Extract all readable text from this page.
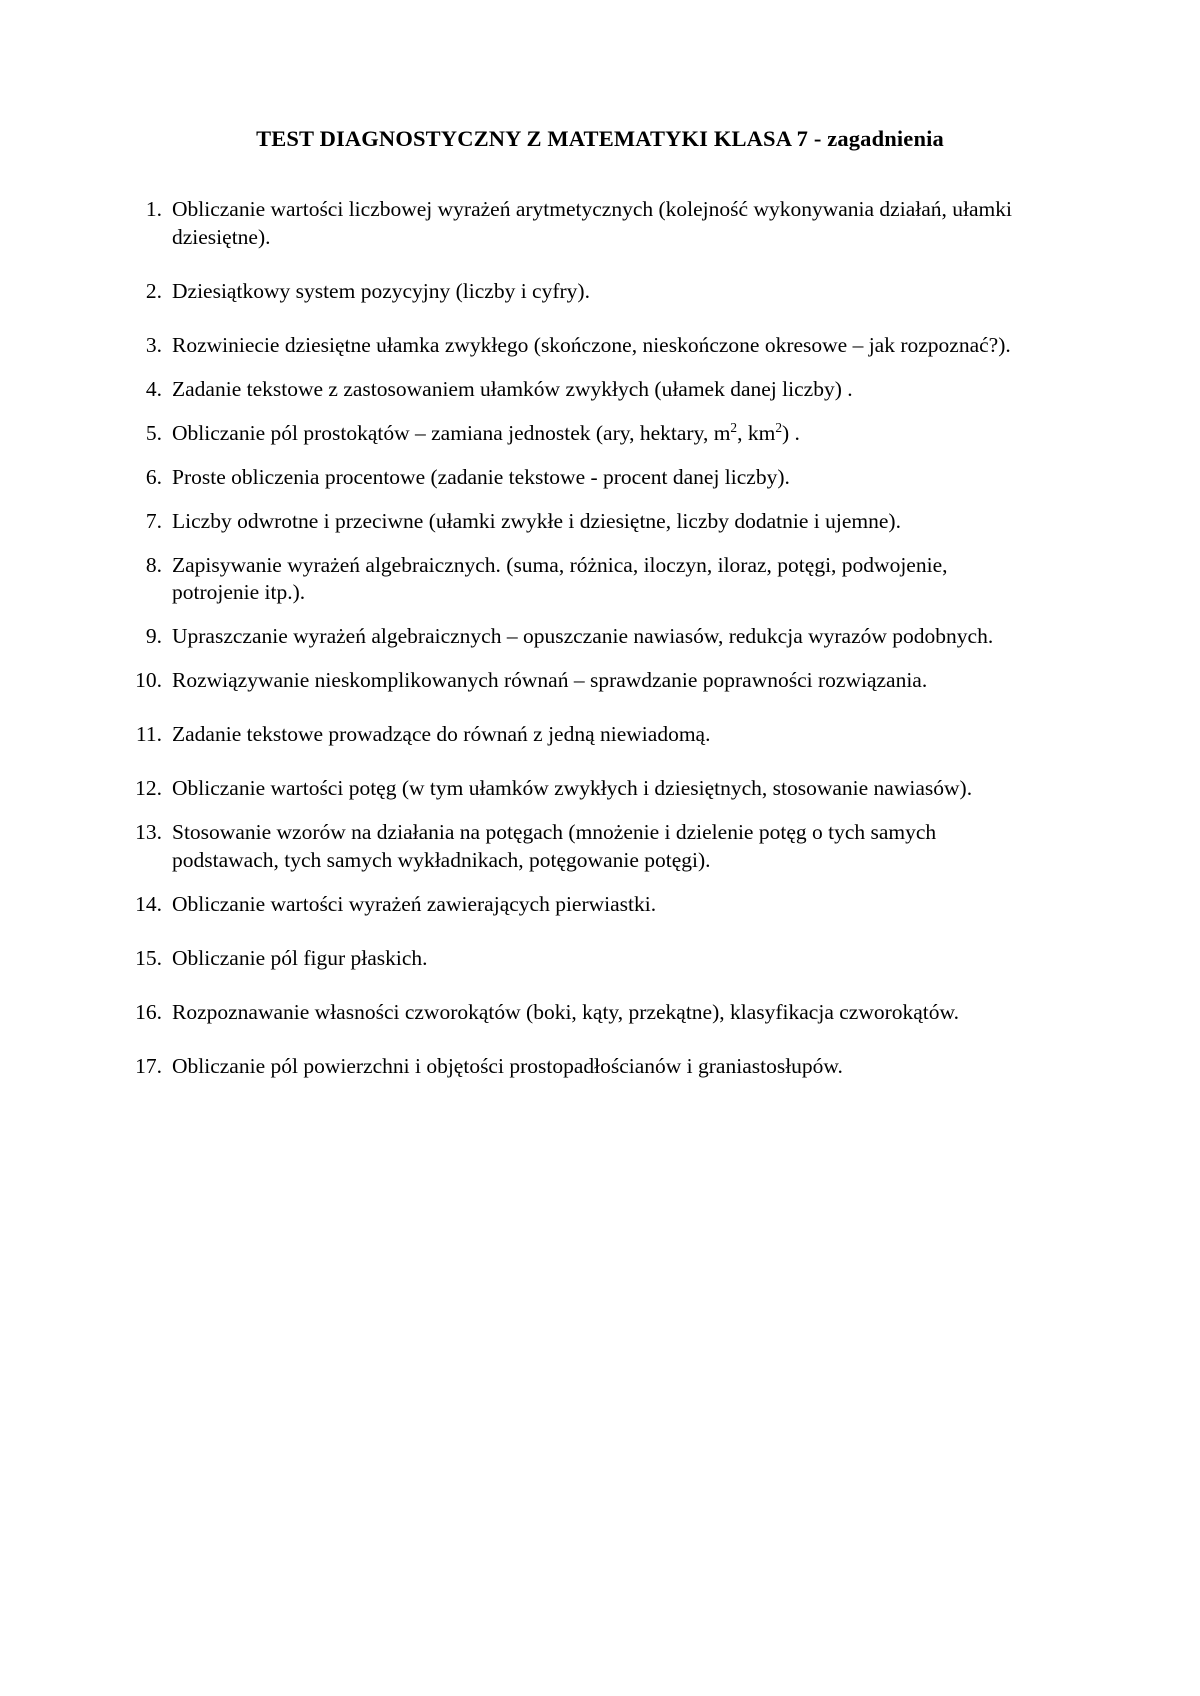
TEST DIAGNOSTYCZNY Z MATEMATYKI KLASA 7 - zagadnienia
1. Obliczanie wartości liczbowej wyrażeń arytmetycznych (kolejność wykonywania działań, ułamki dziesiętne).
2. Dziesiątkowy system pozycyjny (liczby i cyfry).
3. Rozwiniecie dziesiętne ułamka zwykłego (skończone, nieskończone okresowe – jak rozpoznać?).
4. Zadanie tekstowe z zastosowaniem ułamków zwykłych (ułamek danej liczby) .
5. Obliczanie pól prostokątów – zamiana jednostek (ary, hektary, $m^2$, $km^2$) .
6. Proste obliczenia procentowe (zadanie tekstowe - procent danej liczby).
7. Liczby odwrotne i przeciwne (ułamki zwykłe i dziesiętne, liczby dodatnie i ujemne).
8. Zapisywanie wyrażeń algebraicznych. (suma, różnica, iloczyn, iloraz, potęgi, podwojenie, potrojenie itp.).
9. Upraszczanie wyrażeń algebraicznych – opuszczanie nawiasów, redukcja wyrazów podobnych.
10. Rozwiązywanie nieskomplikowanych równań – sprawdzanie poprawności rozwiązania.
11. Zadanie tekstowe prowadzące do równań z jedną niewiadomą.
12. Obliczanie wartości potęg (w tym ułamków zwykłych i dziesiętnych, stosowanie nawiasów).
13. Stosowanie wzorów na działania na potęgach (mnożenie i dzielenie potęg o tych samych podstawach, tych samych wykładnikach, potęgowanie potęgi).
14. Obliczanie wartości wyrażeń zawierających pierwiastki.
15. Obliczanie pól figur płaskich.
16. Rozpoznawanie własności czworokątów (boki, kąty, przekątne), klasyfikacja czworokątów.
17. Obliczanie pól powierzchni i objętości prostopadłościanów i graniastosłupów.
